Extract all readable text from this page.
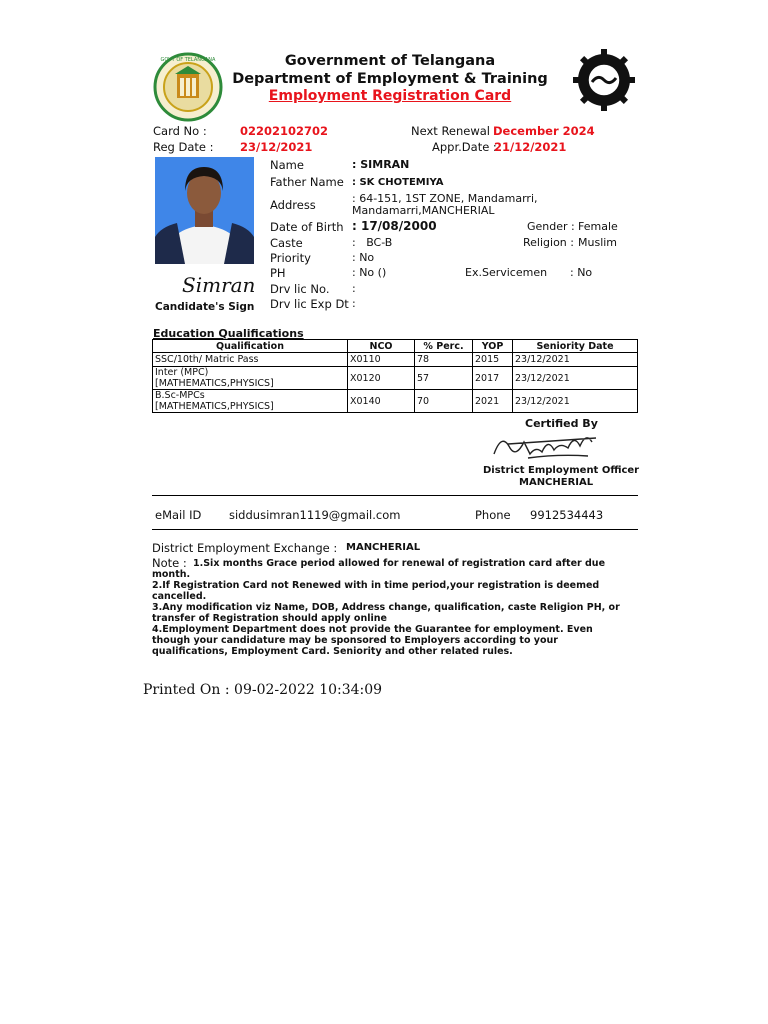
GOVT OF TELANGANA	Government of Telangana
Department of Employment & Training
Employment Registration Card
Card No :	02202102702
Reg Date : 23/12/2021
Next Renewal :
December 2024
Appr.Date :
21/12/2021
Simran
Candidate's Sign
Name	: SIMRAN
Father Name : SK CHOTEMIYA
Address	: 64-151, 1ST ZONE, Mandamarri,
Mandamarri,MANCHERIAL
Date of Birth : 17/08/2000	Gender : Female
Caste	:   BC-B	Religion : Muslim
Priority	: No
PH	: No ()	Ex.Servicemen : No
Drv lic No. :
Drv lic Exp Dt :
Education Qualifications
Qualification	NCO	% Perc.	YOP	Seniority Date
SSC/10th/ Matric Pass	X0110	78	2015	23/12/2021
Inter (MPC)
[MATHEMATICS,PHYSICS]	X0120	57	2017	23/12/2021
B.Sc-MPCs
[MATHEMATICS,PHYSICS]	X0140	70	2021	23/12/2021
Certified By
District Employment Officer
MANCHERIAL
eMail ID siddusimran1119@gmail.com	Phone 9912534443
District Employment Exchange : MANCHERIAL
Note : 1.Six months Grace period allowed for renewal of registration card after due month.
2.If Registration Card not Renewed with in time period,your registration is deemed cancelled.
3.Any modification viz Name, DOB, Address change, qualification, caste Religion PH, or transfer of Registration should apply online
4.Employment Department does not provide the Guarantee for employment. Even though your candidature may be sponsored to Employers according to your qualifications, Employment Card. Seniority and other related rules.
Printed On : 09-02-2022 10:34:09
